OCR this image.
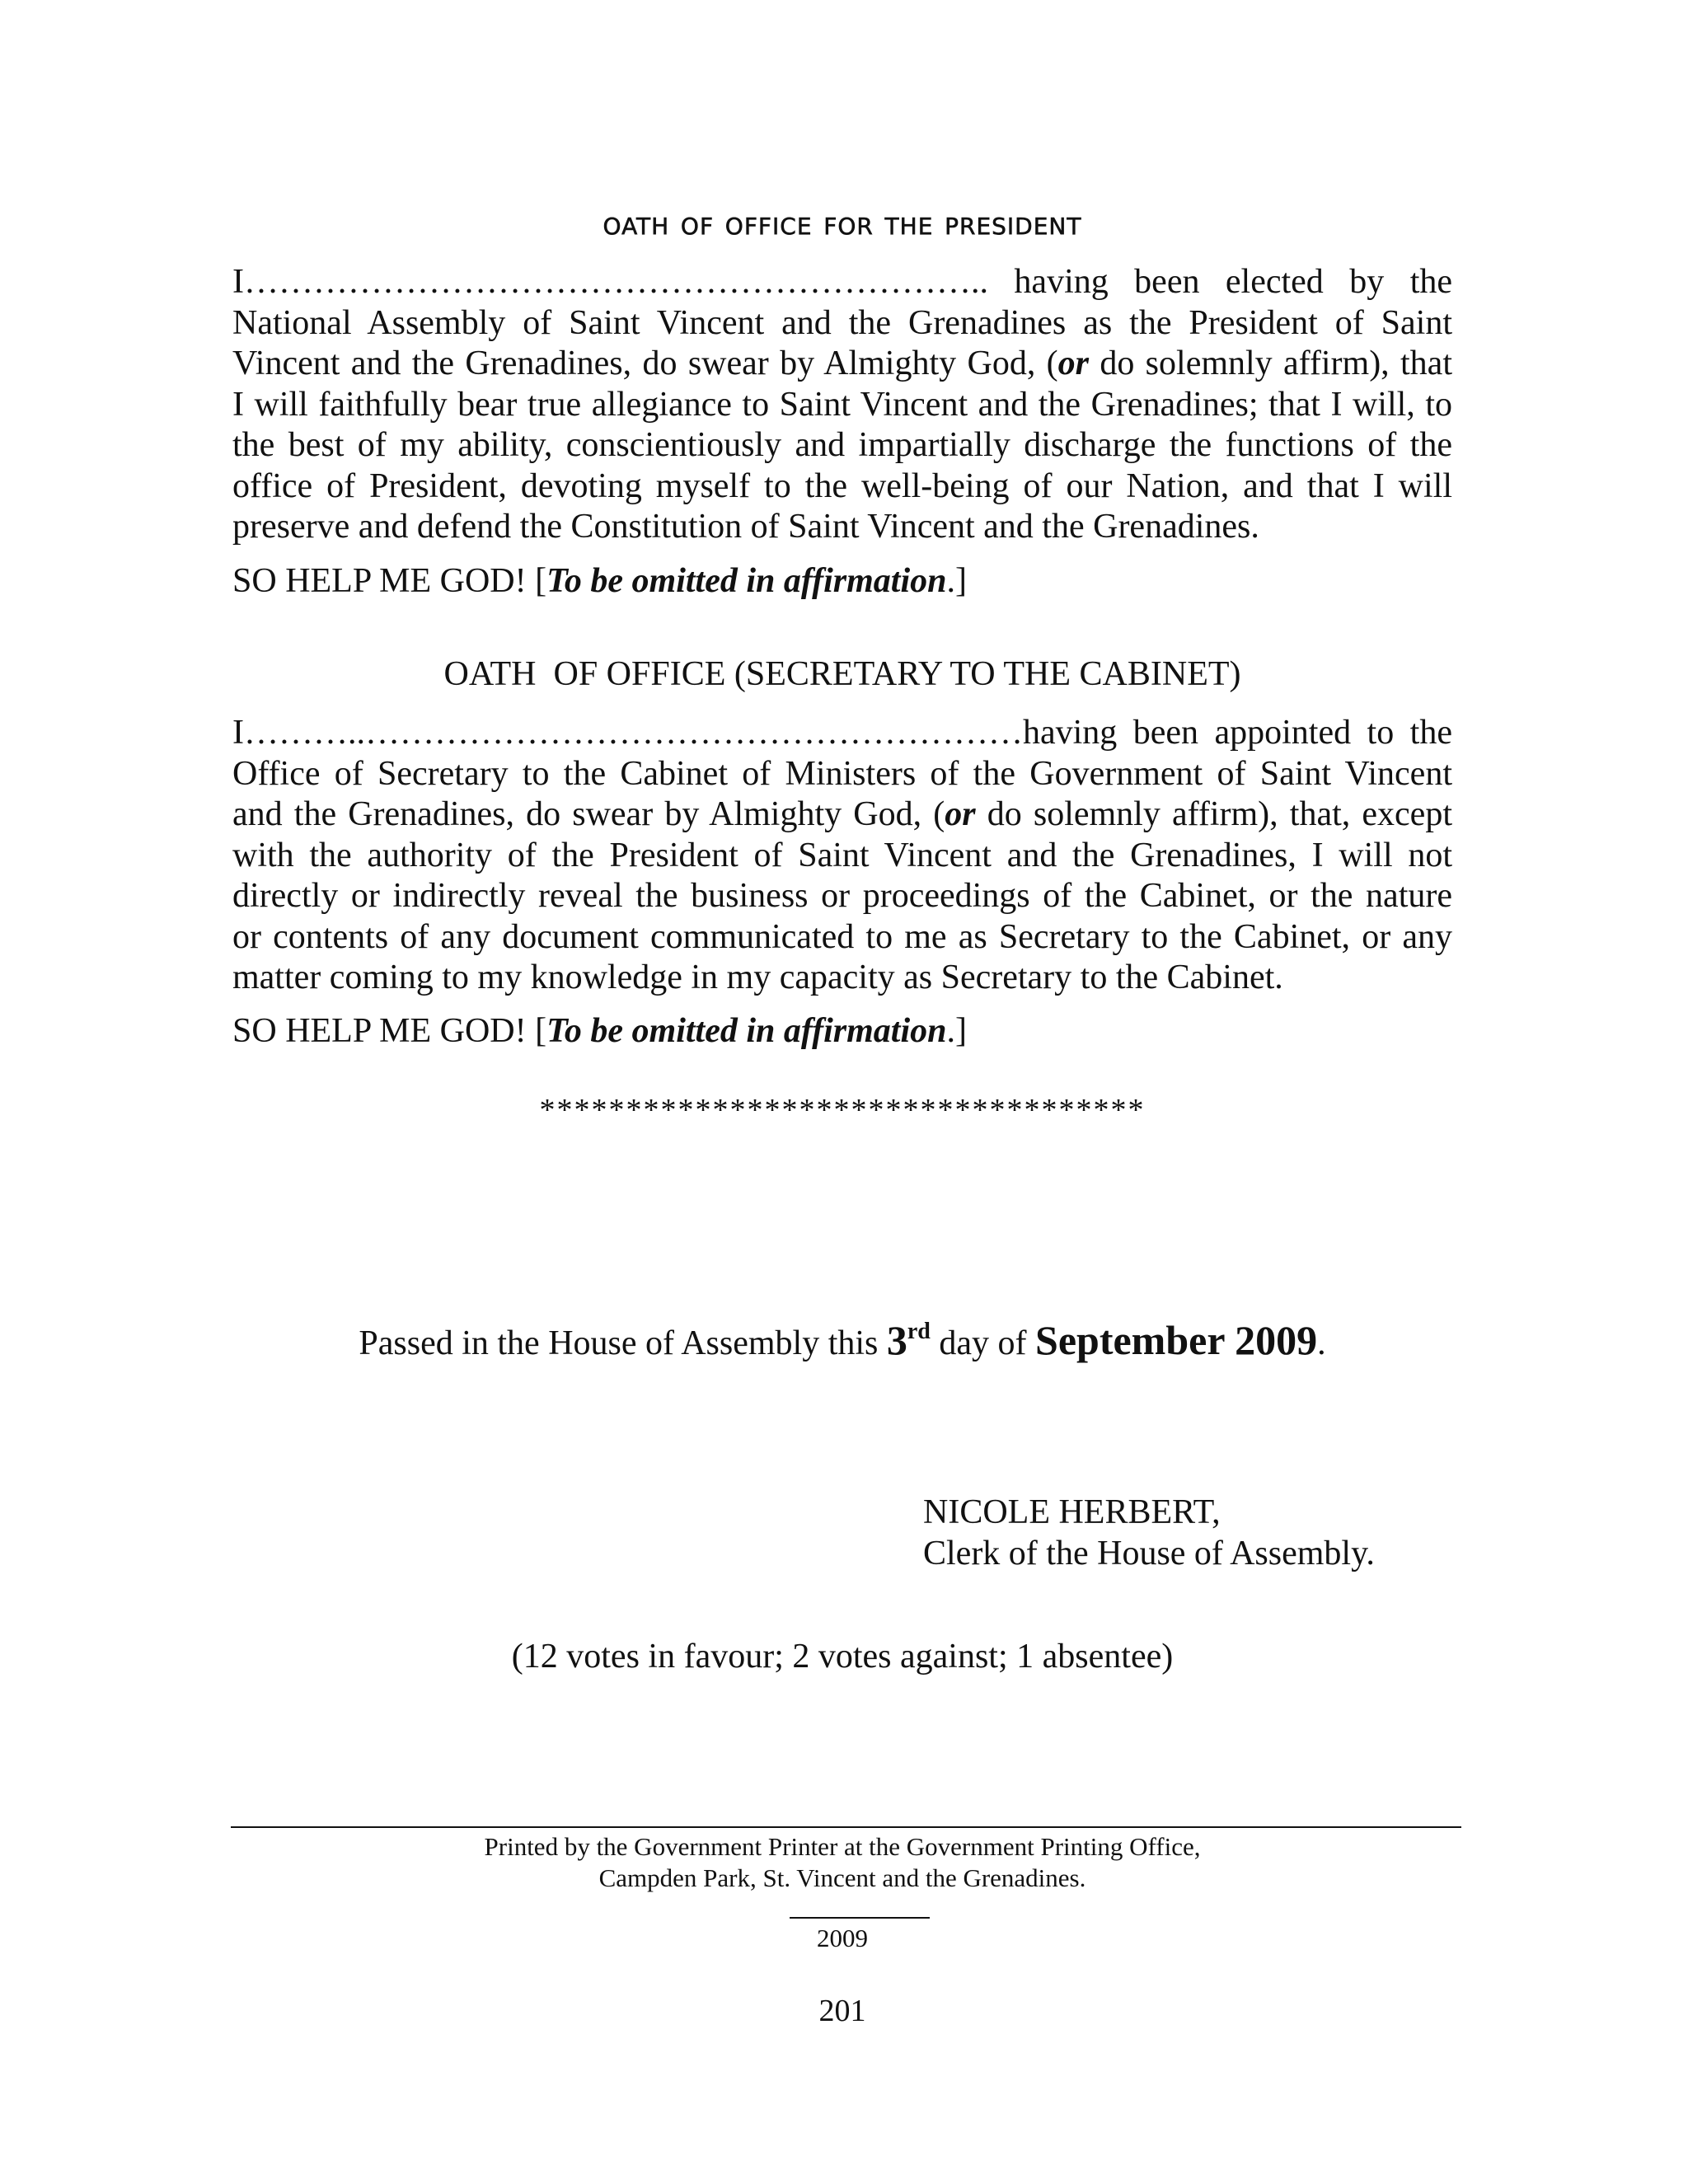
oath of office for the president
I……………………………………………………….. having been elected by the
National Assembly of Saint Vincent and the Grenadines as the President of Saint
Vincent and the Grenadines, do swear by Almighty God, (or do solemnly affirm), that
I will faithfully bear true allegiance to Saint Vincent and the Grenadines; that I will, to
the best of my ability, conscientiously and impartially discharge the functions of the
office of President, devoting myself to the well-being of our Nation, and that I will
preserve and defend the Constitution of Saint Vincent and the Grenadines.
SO HELP ME GOD! [To be omitted in affirmation.]
OATH  OF OFFICE (SECRETARY TO THE CABINET)
I………..…………………………………………………having been appointed to the
Office of Secretary to the Cabinet of Ministers of the Government of Saint Vincent
and the Grenadines, do swear by Almighty God, (or do solemnly affirm), that, except
with the authority of the President of Saint Vincent and the Grenadines, I will not
directly or indirectly reveal the business or proceedings of the Cabinet, or the nature
or contents of any document communicated to me as Secretary to the Cabinet, or any
matter coming to my knowledge in my capacity as Secretary to the Cabinet.
SO HELP ME GOD! [To be omitted in affirmation.]
***********************************
Passed in the House of Assembly this 3rd day of September 2009.
NICOLE HERBERT,
Clerk of the House of Assembly.
(12 votes in favour; 2 votes against; 1 absentee)
Printed by the Government Printer at the Government Printing Office,
Campden Park, St. Vincent and the Grenadines.
2009
201
